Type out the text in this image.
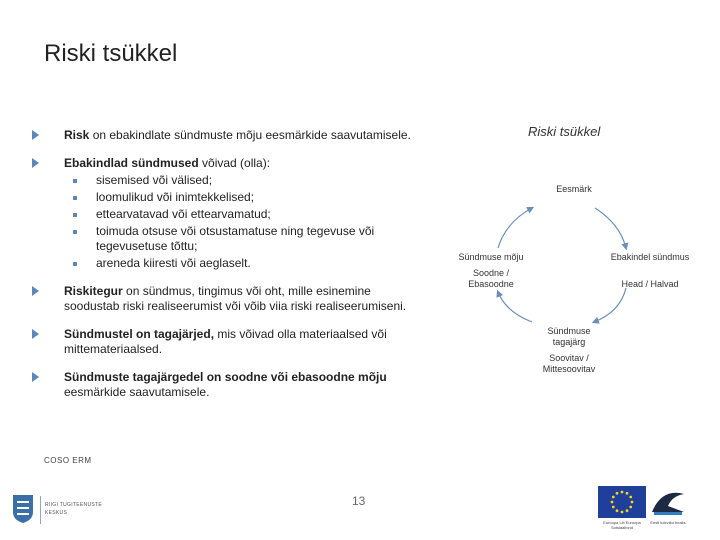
Riski tsükkel
Risk on ebakindlate sündmuste mõju eesmärkide saavutamisele.
Ebakindlad sündmused võivad (olla):
sisemised või välised;
loomulikud või inimtekkelised;
ettearvatavad või ettearvamatud;
toimuda otsuse või otsustamatuse ning tegevuse või tegevusetuse tõttu;
areneda kiiresti või aeglaselt.
Riskitegur on sündmus, tingimus või oht, mille esinemine soodustab riski realiseerumist või võib viia riski realiseerumiseni.
Sündmustel on tagajärjed, mis võivad olla materiaalsed või mittemateriaalsed.
Sündmuste tagajärgedel on soodne või ebasoodne mõju eesmärkide saavutamisele.
Riski tsükkel
Eesmärk
Ebakindel sündmus
Head / Halvad
Sündmuse tagajärg
Soovitav / Mittesoovitav
Sündmuse mõju
Soodne / Ebasoodne
COSO ERM
13
RIIGI TUGITEENUSTE
KESKUS
Euroopa Liit Euroopa Sotsiaalfond
Eesti tuleviku heaks
